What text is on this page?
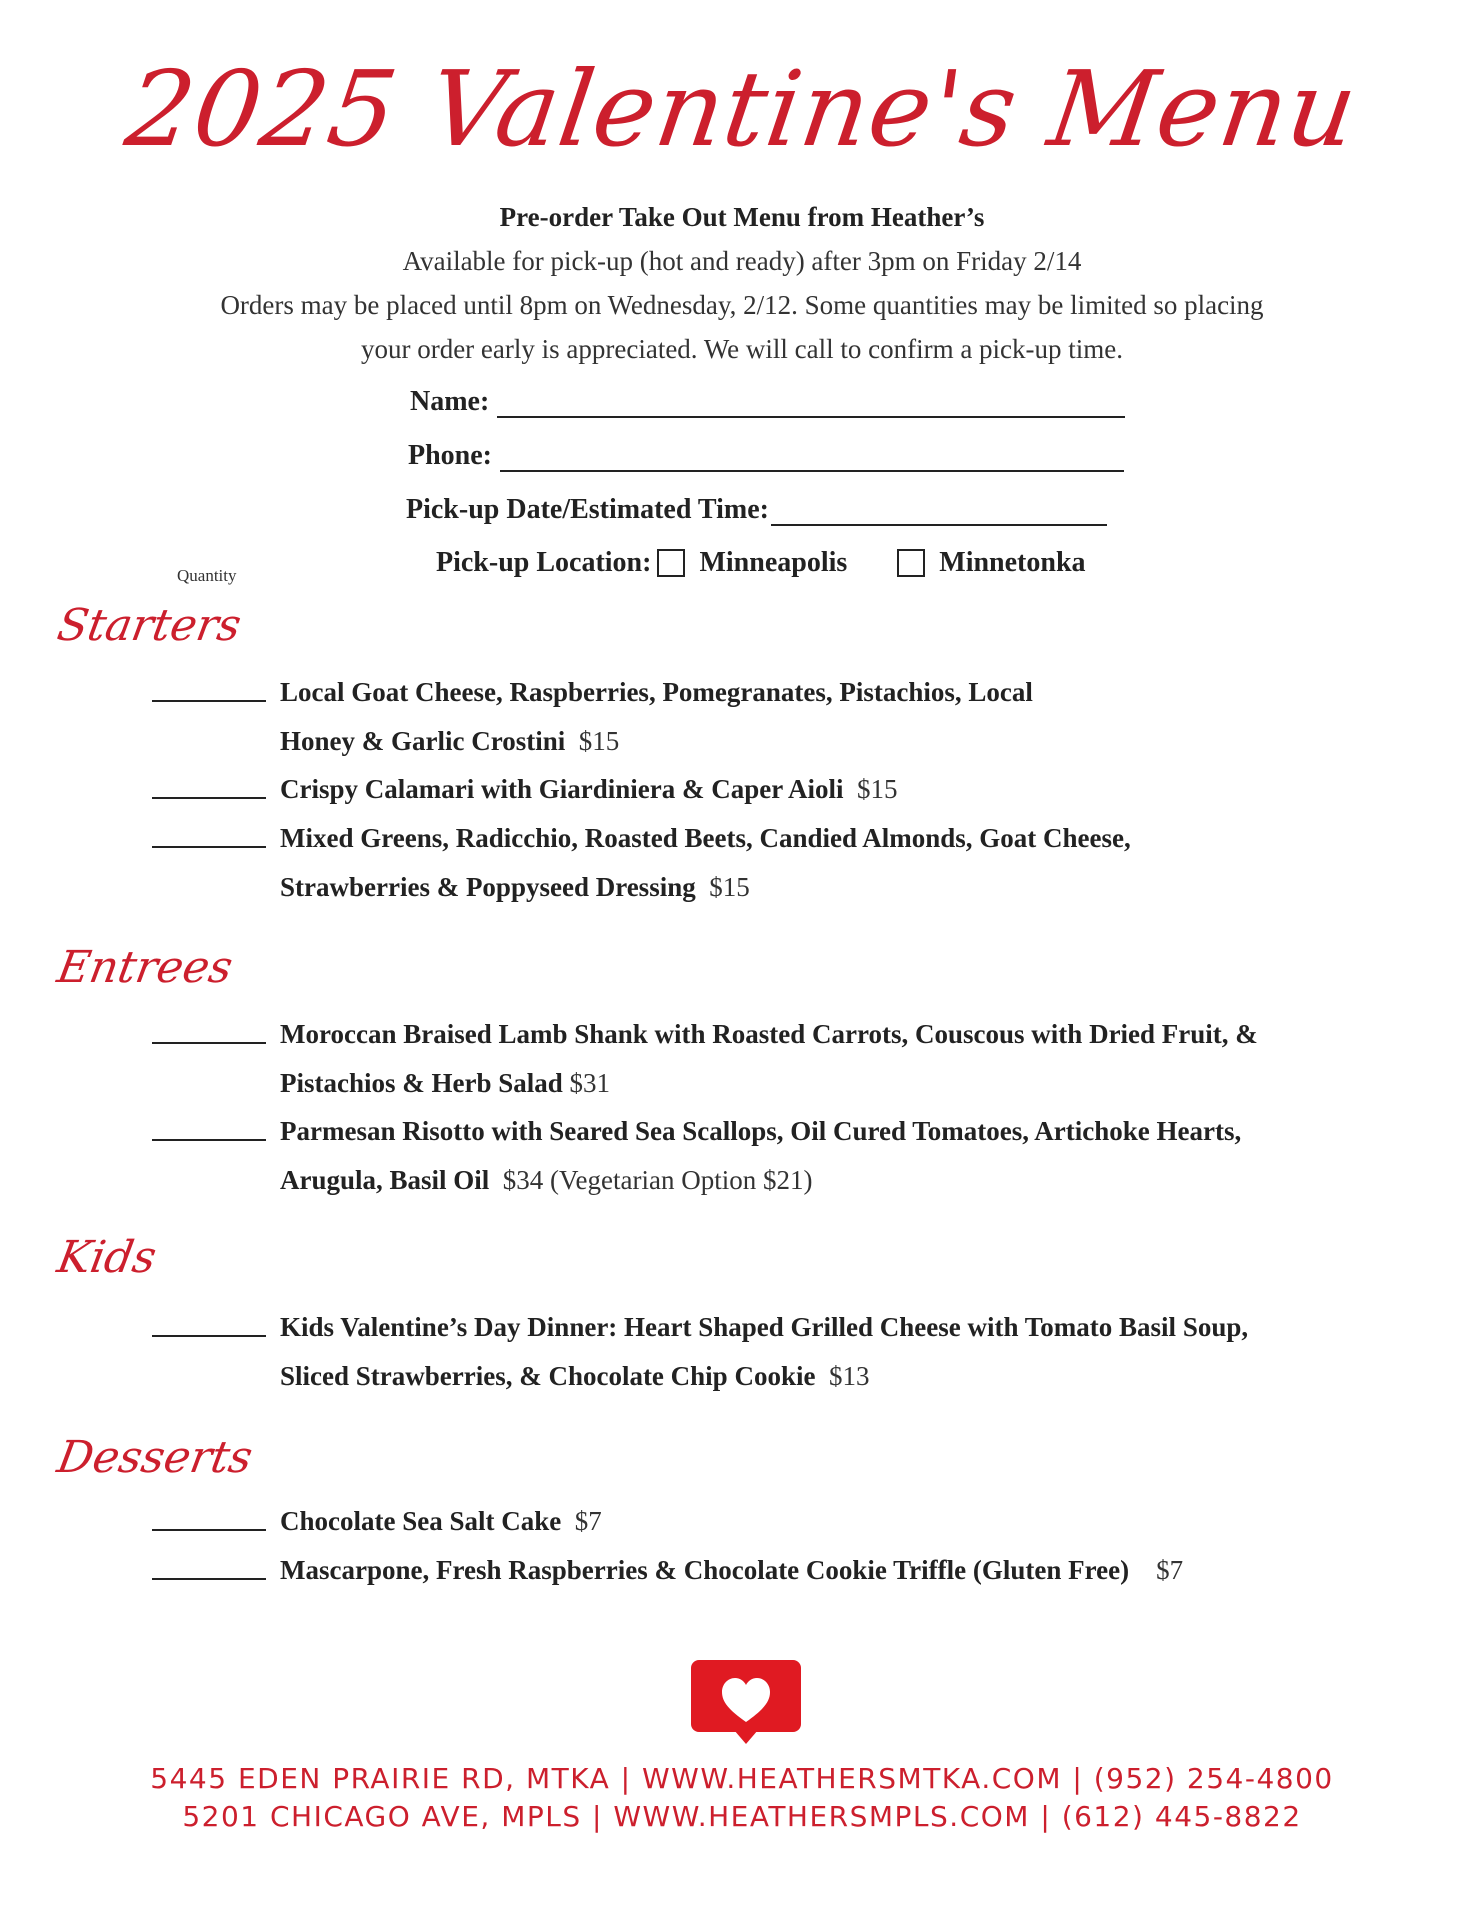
2025 Valentine's Menu
Pre-order Take Out Menu from Heather’s
Available for pick-up (hot and ready) after 3pm on Friday 2/14
Orders may be placed until 8pm on Wednesday, 2/12. Some quantities may be limited so placing
your order early is appreciated. We will call to confirm a pick-up time.
Name:
Phone:
Pick-up Date/Estimated Time:
Pick-up Location: Minneapolis	Minnetonka
Quantity
Starters
Local Goat Cheese, Raspberries, Pomegranates, Pistachios, Local
Honey & Garlic Crostini $15
Crispy Calamari with Giardiniera & Caper Aioli $15
Mixed Greens, Radicchio, Roasted Beets, Candied Almonds, Goat Cheese,
Strawberries & Poppyseed Dressing $15
Entrees
Moroccan Braised Lamb Shank with Roasted Carrots, Couscous with Dried Fruit, &
Pistachios & Herb Salad $31
Parmesan Risotto with Seared Sea Scallops, Oil Cured Tomatoes, Artichoke Hearts,
Arugula, Basil Oil $34 (Vegetarian Option $21)
Kids
Kids Valentine’s Day Dinner: Heart Shaped Grilled Cheese with Tomato Basil Soup,
Sliced Strawberries, & Chocolate Chip Cookie $13
Desserts
Chocolate Sea Salt Cake $7
Mascarpone, Fresh Raspberries & Chocolate Cookie Triffle (Gluten Free) $7
5445 EDEN PRAIRIE RD, MTKA | WWW.HEATHERSMTKA.COM | (952) 254-4800
5201 CHICAGO AVE, MPLS | WWW.HEATHERSMPLS.COM | (612) 445-8822
